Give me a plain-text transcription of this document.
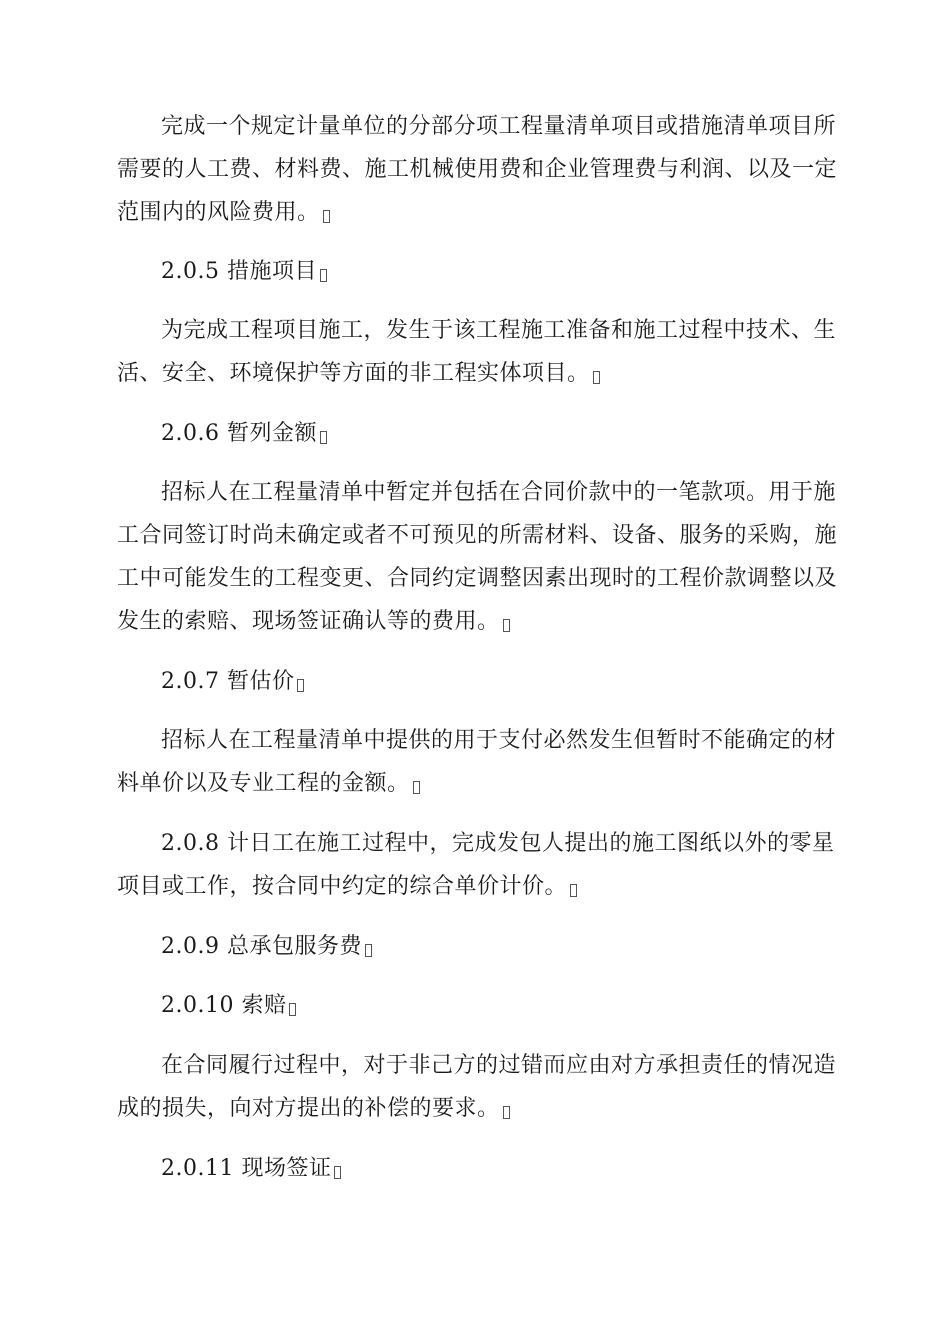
完成一个规定计量单位的分部分项工程量清单项目或措施清单项目所
需要的人工费、材料费、施工机械使用费和企业管理费与利润、以及一定
范围内的风险费用。
2.0.5 措施项目
为完成工程项目施工，发生于该工程施工准备和施工过程中技术、生
活、安全、环境保护等方面的非工程实体项目。
2.0.6 暂列金额
招标人在工程量清单中暂定并包括在合同价款中的一笔款项。用于施
工合同签订时尚未确定或者不可预见的所需材料、设备、服务的采购，施
工中可能发生的工程变更、合同约定调整因素出现时的工程价款调整以及
发生的索赔、现场签证确认等的费用。
2.0.7 暂估价
招标人在工程量清单中提供的用于支付必然发生但暂时不能确定的材
料单价以及专业工程的金额。
2.0.8 计日工在施工过程中，完成发包人提出的施工图纸以外的零星
项目或工作，按合同中约定的综合单价计价。
2.0.9 总承包服务费
2.0.10 索赔
在合同履行过程中，对于非己方的过错而应由对方承担责任的情况造
成的损失，向对方提出的补偿的要求。
2.0.11 现场签证
